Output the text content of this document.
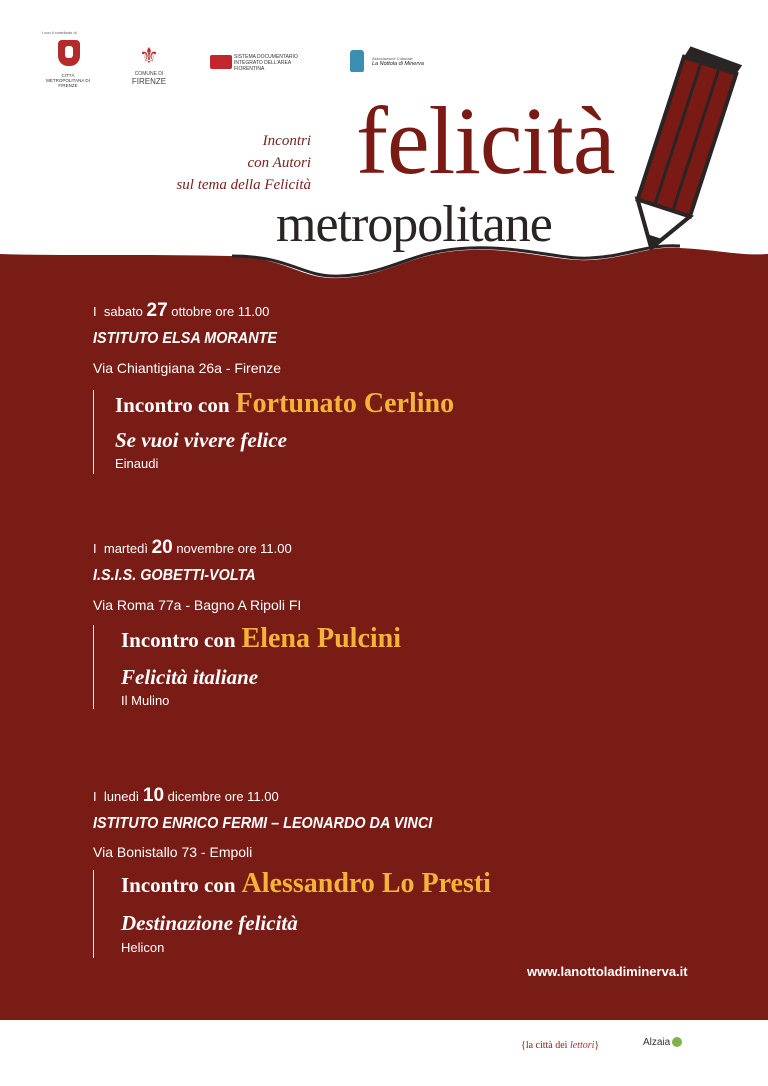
I con il contributo di
CITTÀ METROPOLITANA DI FIRENZE
⚜
COMUNE DI
FIRENZE
SISTEMA DOCUMENTARIO INTEGRATO DELL'AREA FIORENTINA
Associazione Culturale
La Nottola di Minerva
Incontri
con Autori
sul tema della Felicità felicità
metropolitane
I sabato 27 ottobre ore 11.00
ISTITUTO ELSA MORANTE
Via Chiantigiana 26a - Firenze
Incontro con Fortunato Cerlino
Se vuoi vivere felice
Einaudi
I martedì 20 novembre ore 11.00
I.S.I.S. GOBETTI-VOLTA
Via Roma 77a - Bagno A Ripoli FI
Incontro con Elena Pulcini
Felicità italiane
Il Mulino
I lunedì 10 dicembre ore 11.00
ISTITUTO ENRICO FERMI – LEONARDO DA VINCI
Via Bonistallo 73 - Empoli
Incontro con Alessandro Lo Presti
Destinazione felicità
Helicon
www.lanottoladiminerva.it
{la città dei lettori}	Alzaia
